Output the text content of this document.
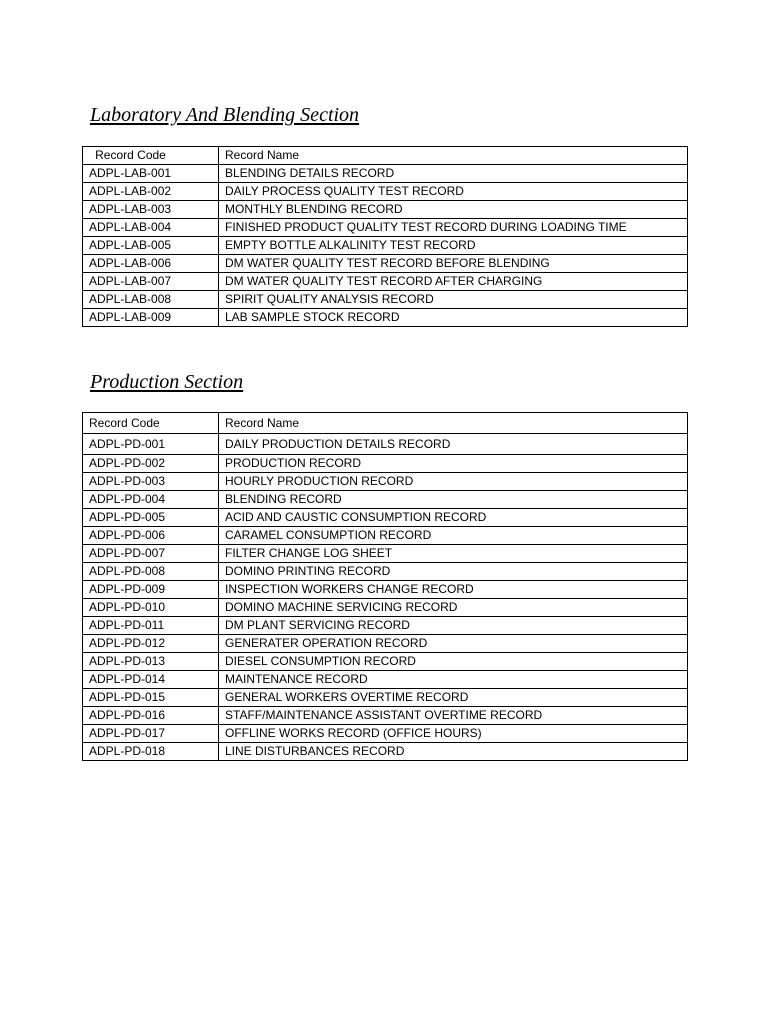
Laboratory And Blending Section
Record Code	Record Name
ADPL-LAB-001	BLENDING DETAILS RECORD
ADPL-LAB-002	DAILY PROCESS QUALITY TEST RECORD
ADPL-LAB-003	MONTHLY BLENDING RECORD
ADPL-LAB-004	FINISHED PRODUCT QUALITY TEST RECORD DURING LOADING TIME
ADPL-LAB-005	EMPTY BOTTLE ALKALINITY TEST RECORD
ADPL-LAB-006	DM WATER QUALITY TEST RECORD BEFORE BLENDING
ADPL-LAB-007	DM WATER QUALITY TEST RECORD AFTER CHARGING
ADPL-LAB-008	SPIRIT QUALITY ANALYSIS RECORD
ADPL-LAB-009	LAB SAMPLE STOCK RECORD
Production Section
Record Code	Record Name
ADPL-PD-001	DAILY PRODUCTION DETAILS RECORD
ADPL-PD-002	PRODUCTION RECORD
ADPL-PD-003	HOURLY PRODUCTION RECORD
ADPL-PD-004	BLENDING RECORD
ADPL-PD-005	ACID AND CAUSTIC CONSUMPTION RECORD
ADPL-PD-006	CARAMEL CONSUMPTION RECORD
ADPL-PD-007	FILTER CHANGE LOG SHEET
ADPL-PD-008	DOMINO PRINTING RECORD
ADPL-PD-009	INSPECTION WORKERS CHANGE RECORD
ADPL-PD-010	DOMINO MACHINE SERVICING RECORD
ADPL-PD-011	DM PLANT SERVICING RECORD
ADPL-PD-012	GENERATER OPERATION RECORD
ADPL-PD-013	DIESEL CONSUMPTION RECORD
ADPL-PD-014	MAINTENANCE RECORD
ADPL-PD-015	GENERAL WORKERS OVERTIME RECORD
ADPL-PD-016	STAFF/MAINTENANCE ASSISTANT OVERTIME RECORD
ADPL-PD-017	OFFLINE WORKS RECORD (OFFICE HOURS)
ADPL-PD-018	LINE DISTURBANCES RECORD
